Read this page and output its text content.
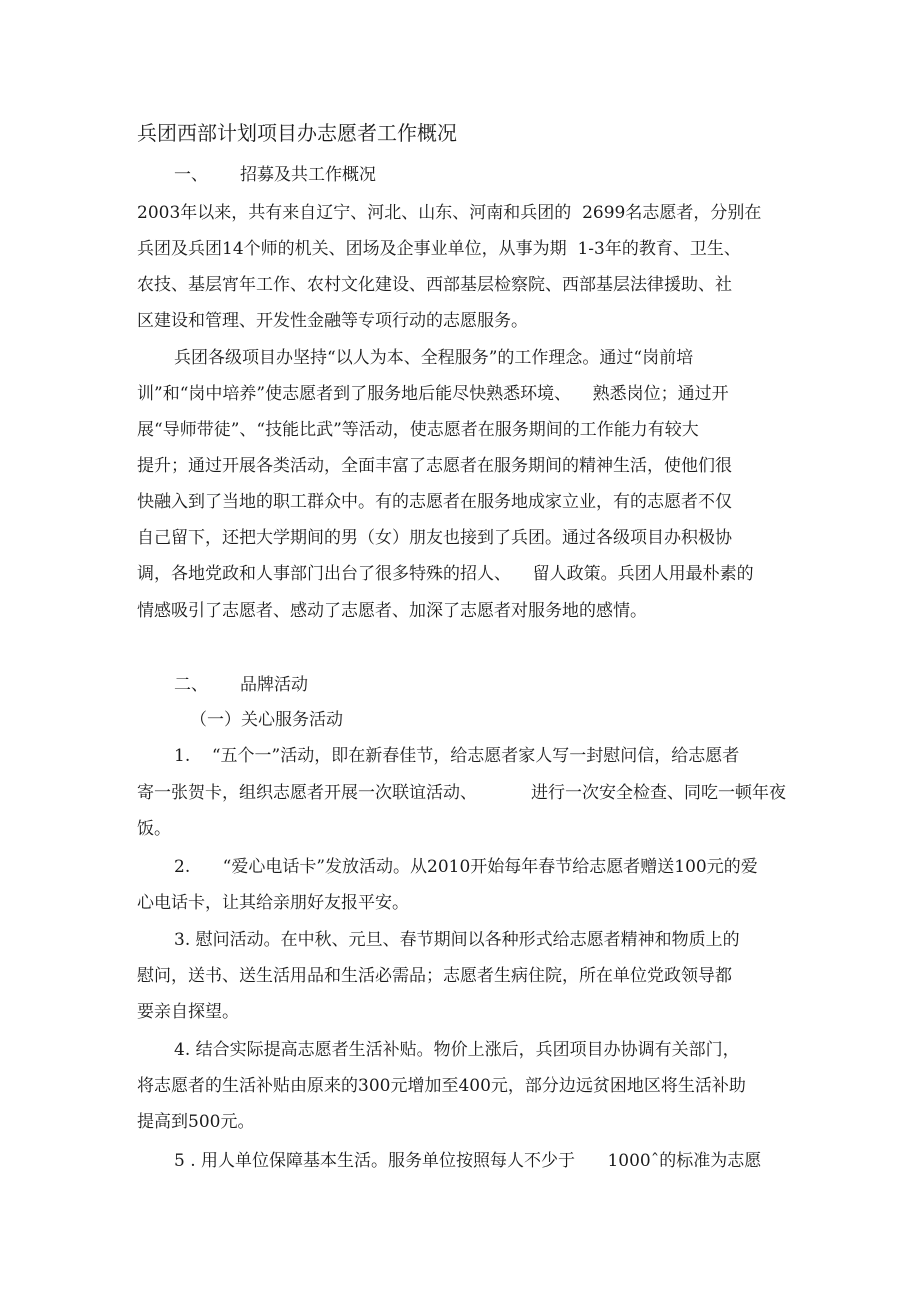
兵团西部计划项目办志愿者工作概况
一、 招募及共工作概况
2003年以来，共有来自辽宁、河北、山东、河南和兵团的  2699名志愿者，分别在
兵团及兵团14个师的机关、团场及企事业单位，从事为期  1-3年的教育、卫生、
农技、基层宵年工作、农村文化建设、西部基层检察院、西部基层法律援助、社
区建设和管理、开发性金融等专项行动的志愿服务。
兵团各级项目办坚持“以人为本、全程服务”的工作理念。通过“岗前培
训”和“岗中培养”使志愿者到了服务地后能尽快熟悉环境、    熟悉岗位；通过开
展“导师带徒”、“技能比武”等活动，使志愿者在服务期间的工作能力有较大
提升；通过开展各类活动，全面丰富了志愿者在服务期间的精神生活，使他们很
快融入到了当地的职工群众中。有的志愿者在服务地成家立业，有的志愿者不仅
自己留下，还把大学期间的男（女）朋友也接到了兵团。通过各级项目办积极协
调，各地党政和人事部门出台了很多特殊的招人、    留人政策。兵团人用最朴素的
情感吸引了志愿者、感动了志愿者、加深了志愿者对服务地的感情。
二、 品牌活动
（一）关心服务活动
1.    “五个一”活动，即在新春佳节，给志愿者家人写一封慰问信，给志愿者
寄一张贺卡，组织志愿者开展一次联谊活动、          进行一次安全检查、同吃一顿年夜
饭。
2.      “爱心电话卡”发放活动。从2010开始每年春节给志愿者赠送100元的爱
心电话卡，让其给亲朋好友报平安。
3. 慰问活动。在中秋、元旦、春节期间以各种形式给志愿者精神和物质上的
慰问，送书、送生活用品和生活必需品；志愿者生病住院，所在单位党政领导都
要亲自探望。
4. 结合实际提高志愿者生活补贴。物价上涨后，兵团项目办协调有关部门，
将志愿者的生活补贴由原来的300元增加至400元，部分边远贫困地区将生活补助
提高到500元。
5 . 用人单位保障基本生活。服务单位按照每人不少于      1000ˆ的标准为志愿
